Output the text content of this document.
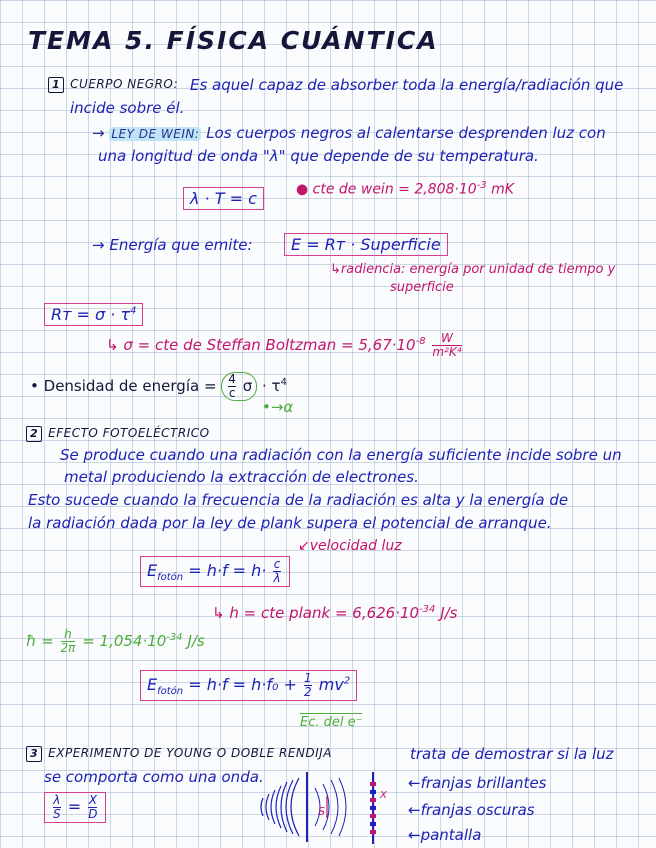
TEMA 5. FÍSICA CUÁNTICA
1 CUERPO NEGRO: Es aquel capaz de absorber toda la energía/radiación que
incide sobre él.
→ LEY DE WEIN: Los cuerpos negros al calentarse desprenden luz con
una longitud de onda "λ" que depende de su temperatura.
λ · T = c	● cte de wein = $2,808\cdot 10^{-3}$ mK
→ Energía que emite:	E = Rт · Superficie
↳radiencia: energía por unidad de tiempo y
superficie
Rт = $\sigma \cdot \tau^4$
↳ σ = cte de Steffan Boltzman = $5,67\cdot 10^{-8} \frac{W}{\text{m²K⁴}}$
• Densidad de energía = $\frac{4}{c}$ $\sigma \cdot \tau^4$
•→α
2 EFECTO FOTOELÉCTRICO
Se produce cuando una radiación con la energía suficiente incide sobre un
metal produciendo la extracción de electrones.
Esto sucede cuando la frecuencia de la radiación es alta y la energía de
la radiación dada por la ley de plank supera el potencial de arranque.
↙velocidad luz
$E_{fotón} = h\cdot f = h\cdot \frac{c}{\lambda}$
↳ h = cte plank = $6,626\cdot 10^{-34}$ J/s
ħ = $\frac{h}{2\pi} = 1,054\cdot 10^{-34}$ J/s
$E_{fotón} = h\cdot f = h\cdot f_0 + \frac{1}{2} mv^2$
Ec. del e⁻
3 EXPERIMENTO DE YOUNG O DOBLE RENDIJA	trata de demostrar si la luz
se comporta como una onda.
$\frac{\lambda}{S} = \frac{X}{D}$	S
X
←franjas brillantes
←franjas oscuras
←pantalla
